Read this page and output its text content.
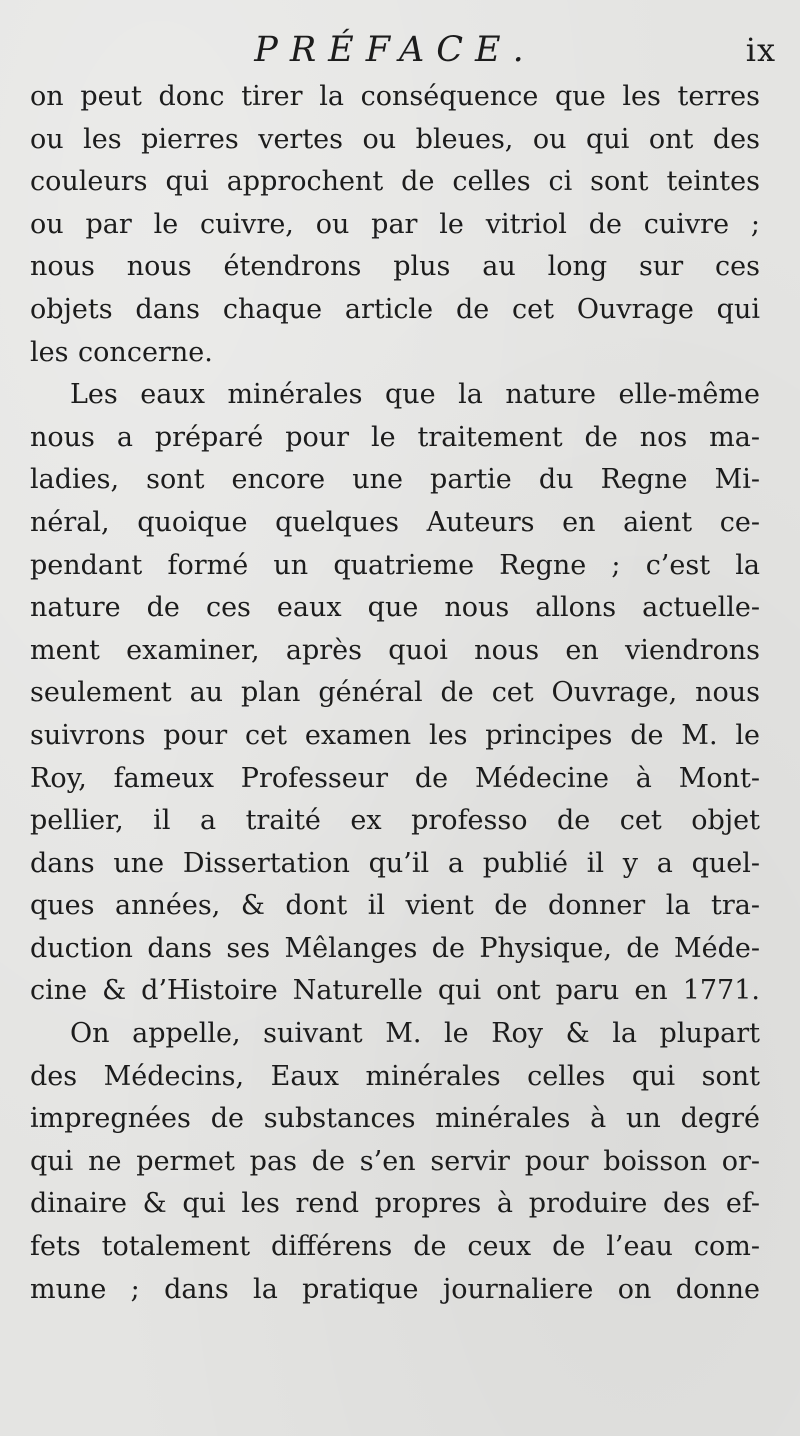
PRÉFACE.	ix
on peut donc tirer la conséquence que les terres
ou les pierres vertes ou bleues, ou qui ont des
couleurs qui approchent de celles ci sont teintes
ou par le cuivre, ou par le vitriol de cuivre ;
nous nous étendrons plus au long sur ces
objets dans chaque article de cet Ouvrage qui
les concerne.
Les eaux minérales que la nature elle-même
nous a préparé pour le traitement de nos ma-
ladies, sont encore une partie du Regne Mi-
néral, quoique quelques Auteurs en aient ce-
pendant formé un quatrieme Regne ; c’est la
nature de ces eaux que nous allons actuelle-
ment examiner, après quoi nous en viendrons
seulement au plan général de cet Ouvrage, nous
suivrons pour cet examen les principes de M. le
Roy, fameux Professeur de Médecine à Mont-
pellier, il a traité ex professo de cet objet
dans une Dissertation qu’il a publié il y a quel-
ques années, & dont il vient de donner la tra-
duction dans ses Mêlanges de Physique, de Méde-
cine & d’Histoire Naturelle qui ont paru en 1771.
On appelle, suivant M. le Roy & la plupart
des Médecins, Eaux minérales celles qui sont
impregnées de substances minérales à un degré
qui ne permet pas de s’en servir pour boisson or-
dinaire & qui les rend propres à produire des ef-
fets totalement différens de ceux de l’eau com-
mune ; dans la pratique journaliere on donne
